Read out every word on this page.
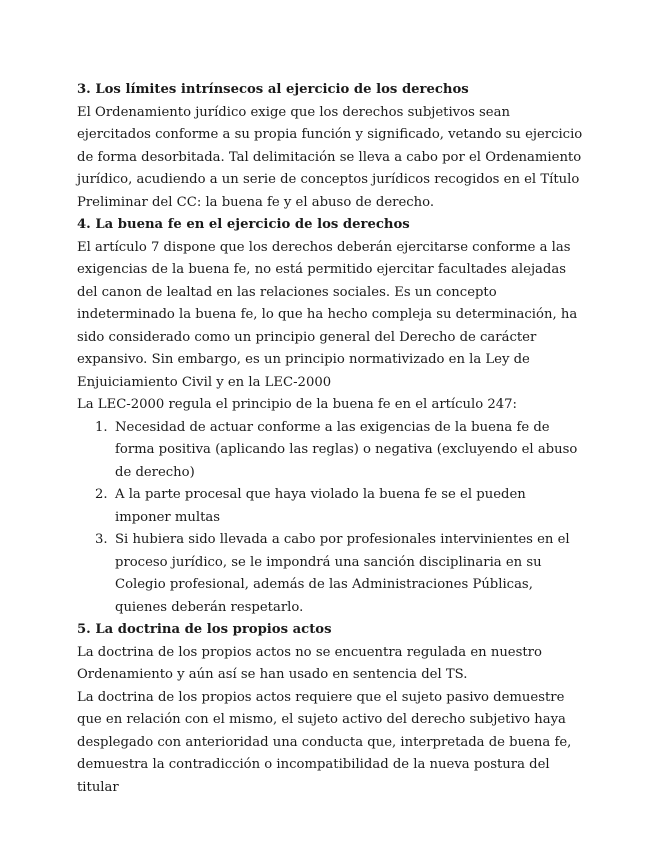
3. Los límites intrínsecos al ejercicio de los derechos

El Ordenamiento jurídico exige que los derechos subjetivos sean ejercitados conforme a su propia función y significado, vetando su ejercicio de forma desorbitada. Tal delimitación se lleva a cabo por el Ordenamiento jurídico, acudiendo a un serie de conceptos jurídicos recogidos en el Título Preliminar del CC: la buena fe y el abuso de derecho.

4. La buena fe en el ejercicio de los derechos

El artículo 7 dispone que los derechos deberán ejercitarse conforme a las exigencias de la buena fe, no está permitido ejercitar facultades alejadas del canon de lealtad en las relaciones sociales. Es un concepto indeterminado la buena fe, lo que ha hecho compleja su determinación, ha sido considerado como un principio general del Derecho de carácter expansivo. Sin embargo, es un principio normativizado en la Ley de Enjuiciamiento Civil y en la LEC-2000

La LEC-2000 regula el principio de la buena fe en el artículo 247:

1. Necesidad de actuar conforme a las exigencias de la buena fe de forma positiva (aplicando las reglas) o negativa (excluyendo el abuso de derecho)
2. A la parte procesal que haya violado la buena fe se el pueden imponer multas
3. Si hubiera sido llevada a cabo por profesionales intervinientes en el proceso jurídico, se le impondrá una sanción disciplinaria en su Colegio profesional, además de las Administraciones Públicas, quienes deberán respetarlo.

5. La doctrina de los propios actos

La doctrina de los propios actos no se encuentra regulada en nuestro Ordenamiento y aún así se han usado en sentencia del TS.

La doctrina de los propios actos requiere que el sujeto pasivo demuestre que en relación con el mismo, el sujeto activo del derecho subjetivo haya desplegado con anterioridad una conducta que, interpretada de buena fe, demuestra la contradicción o incompatibilidad de la nueva postura del titular
